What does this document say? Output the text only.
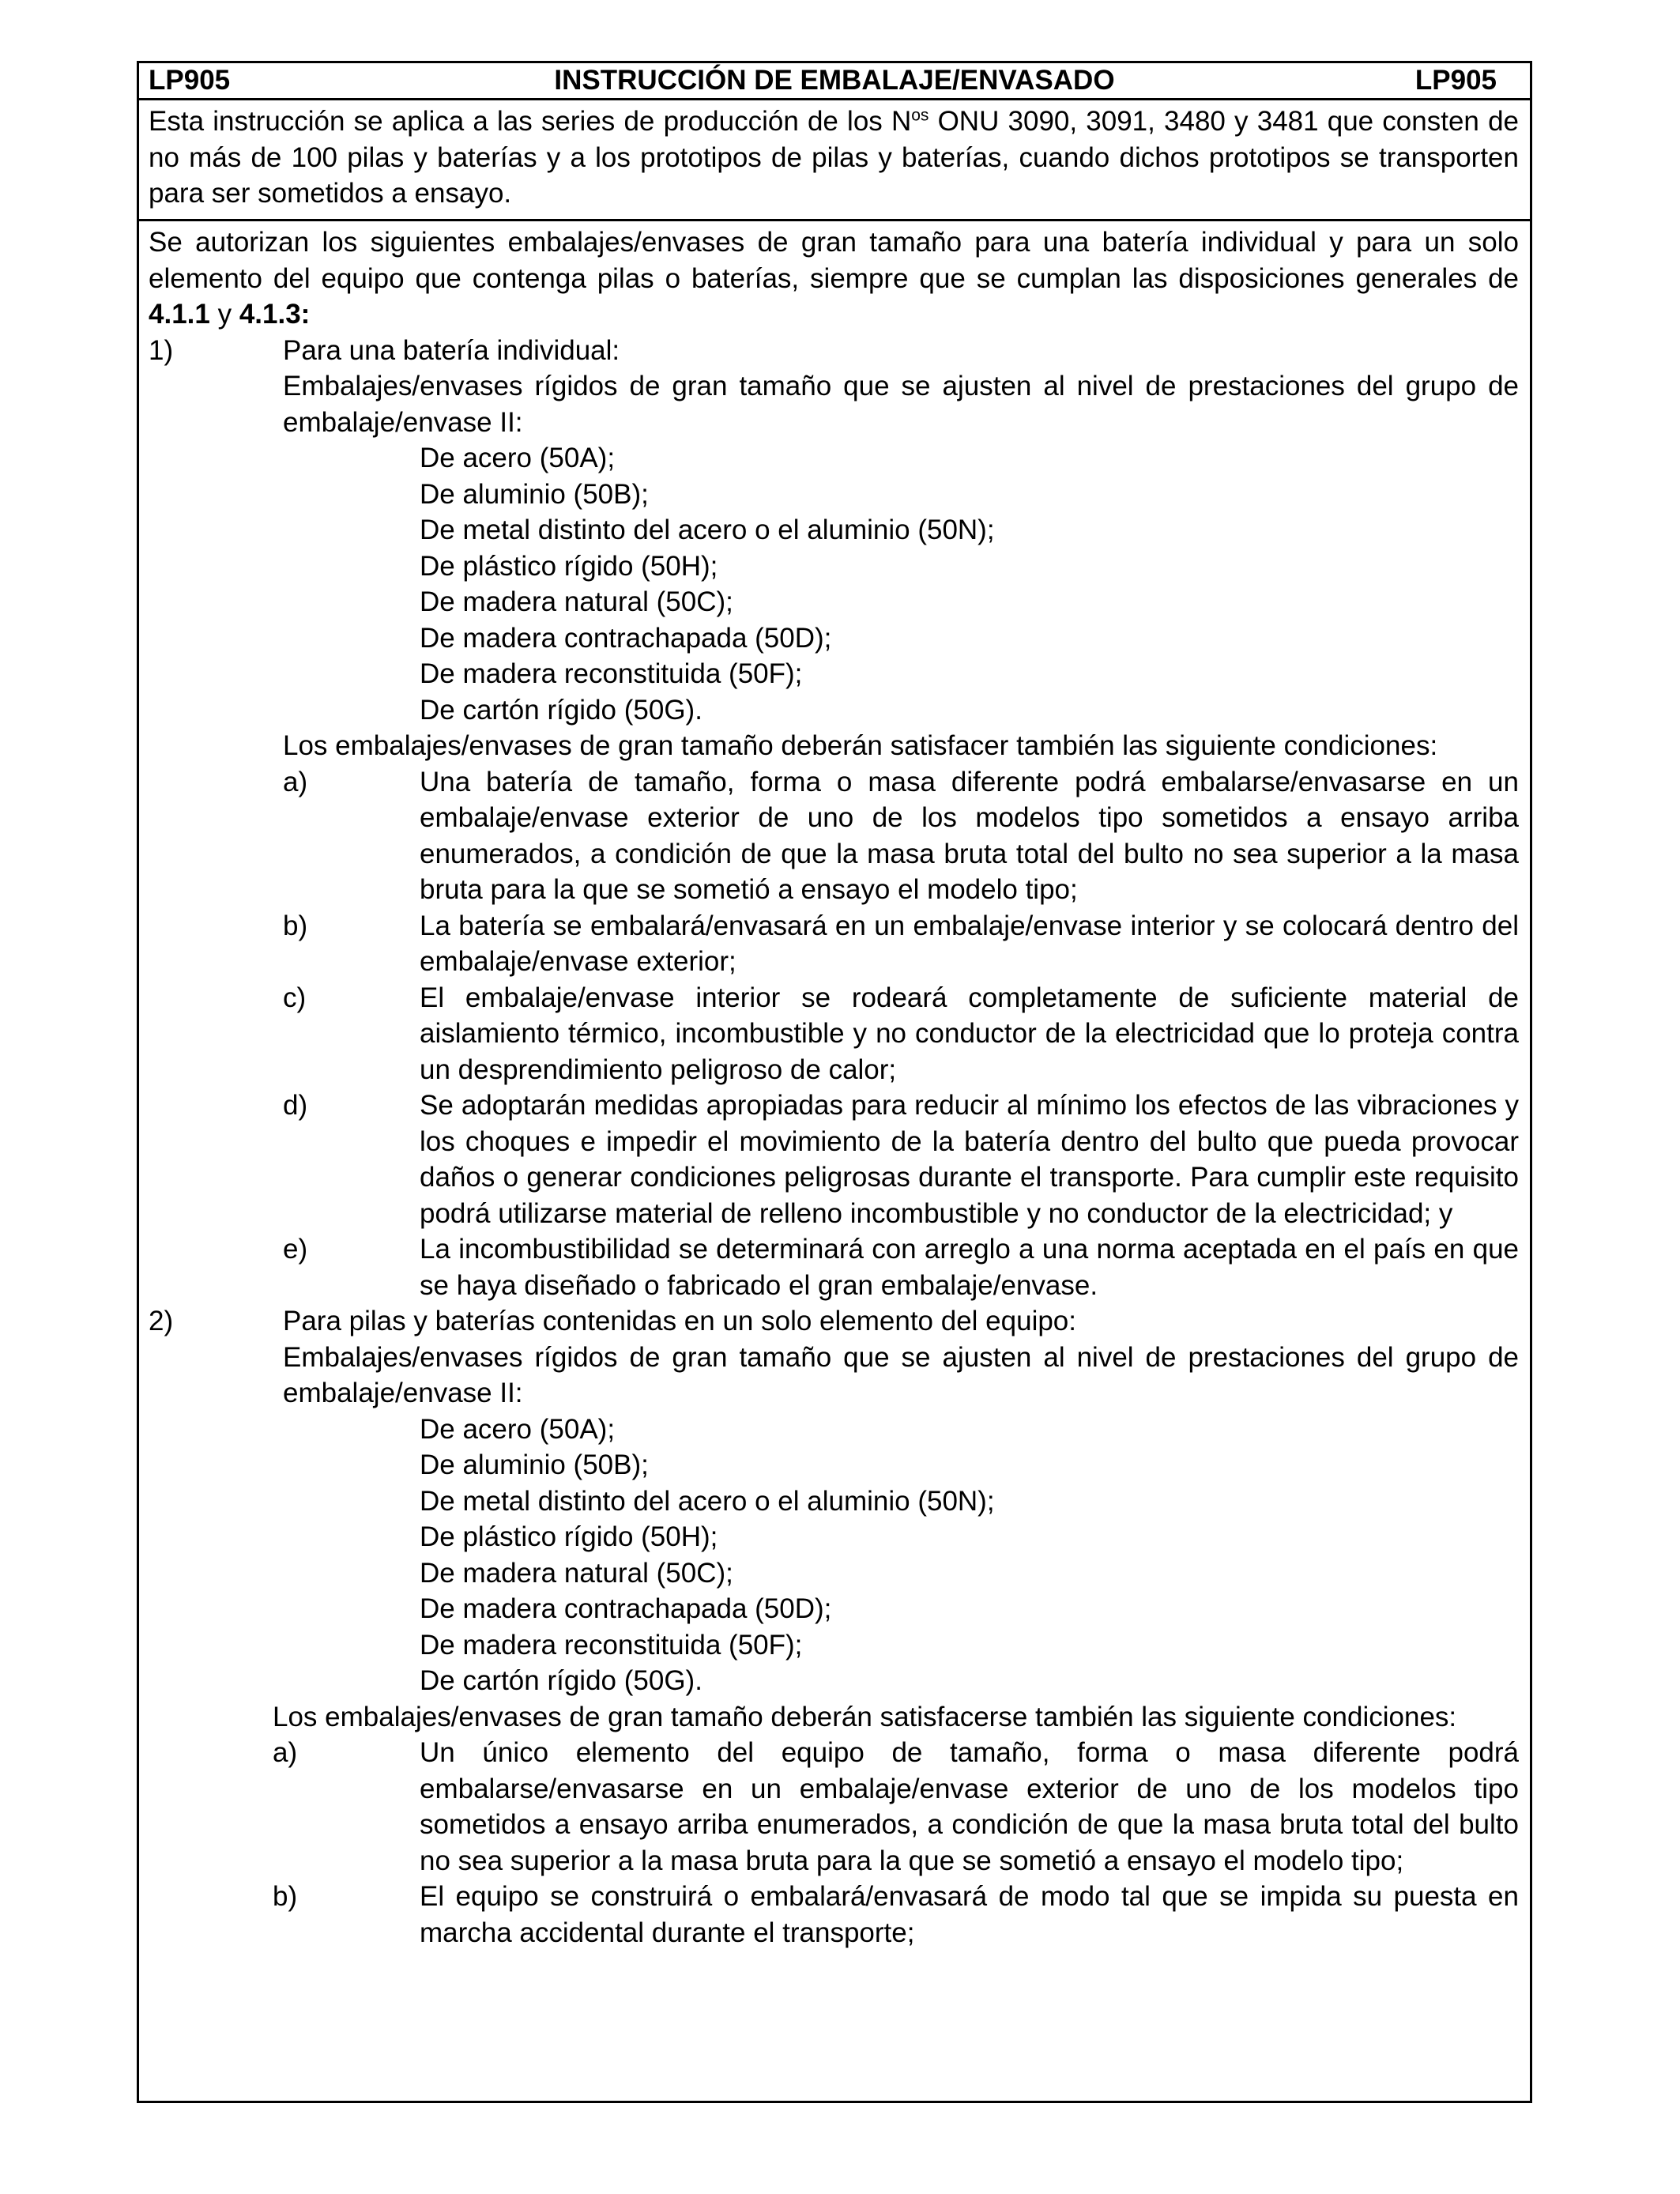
LP905	INSTRUCCIÓN DE EMBALAJE/ENVASADO	LP905

Esta instrucción se aplica a las series de producción de los $N^{os}$ ONU 3090, 3091, 3480 y 3481 que consten de no más de 100 pilas y baterías y a los prototipos de pilas y baterías, cuando dichos prototipos se transporten para ser sometidos a ensayo.

Se autorizan los siguientes embalajes/envases de gran tamaño para una batería individual y para un solo elemento del equipo que contenga pilas o baterías, siempre que se cumplan las disposiciones generales de 4.1.1 y 4.1.3:

1)	Para una batería individual:

Embalajes/envases rígidos de gran tamaño que se ajusten al nivel de prestaciones del grupo de embalaje/envase II:

De acero (50A);

De aluminio (50B);

De metal distinto del acero o el aluminio (50N);

De plástico rígido (50H);

De madera natural (50C);

De madera contrachapada (50D);

De madera reconstituida (50F);

De cartón rígido (50G).

Los embalajes/envases de gran tamaño deberán satisfacer también las siguiente condiciones:

a)	Una batería de tamaño, forma o masa diferente podrá embalarse/envasarse en un embalaje/envase exterior de uno de los modelos tipo sometidos a ensayo arriba enumerados, a condición de que la masa bruta total del bulto no sea superior a la masa bruta para la que se sometió a ensayo el modelo tipo;
b)	La batería se embalará/envasará en un embalaje/envase interior y se colocará dentro del embalaje/envase exterior;
c)	El embalaje/envase interior se rodeará completamente de suficiente material de aislamiento térmico, incombustible y no conductor de la electricidad que lo proteja contra un desprendimiento peligroso de calor;
d)	Se adoptarán medidas apropiadas para reducir al mínimo los efectos de las vibraciones y los choques e impedir el movimiento de la batería dentro del bulto que pueda provocar daños o generar condiciones peligrosas durante el transporte. Para cumplir este requisito podrá utilizarse material de relleno incombustible y no conductor de la electricidad; y
e)	La incombustibilidad se determinará con arreglo a una norma aceptada en el país en que se haya diseñado o fabricado el gran embalaje/envase.
2)	Para pilas y baterías contenidas en un solo elemento del equipo:

Embalajes/envases rígidos de gran tamaño que se ajusten al nivel de prestaciones del grupo de embalaje/envase II:

De acero (50A);

De aluminio (50B);

De metal distinto del acero o el aluminio (50N);

De plástico rígido (50H);

De madera natural (50C);

De madera contrachapada (50D);

De madera reconstituida (50F);

De cartón rígido (50G).

Los embalajes/envases de gran tamaño deberán satisfacerse también las siguiente condiciones:

a)	Un único elemento del equipo de tamaño, forma o masa diferente podrá embalarse/envasarse en un embalaje/envase exterior de uno de los modelos tipo sometidos a ensayo arriba enumerados, a condición de que la masa bruta total del bulto no sea superior a la masa bruta para la que se sometió a ensayo el modelo tipo;
b)	El equipo se construirá o embalará/envasará de modo tal que se impida su puesta en marcha accidental durante el transporte;
